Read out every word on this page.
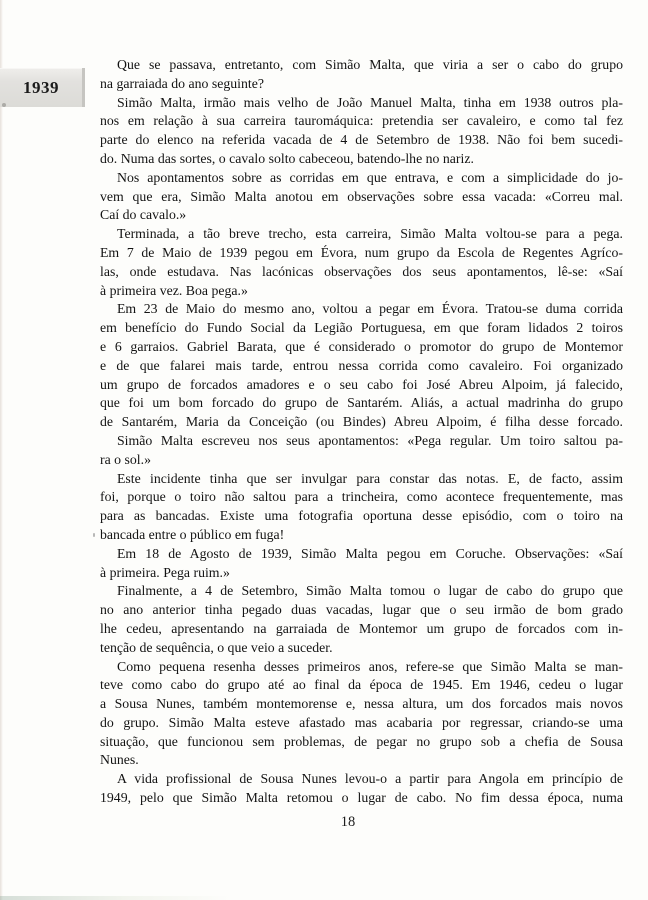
1939
Que se passava, entretanto, com Simão Malta, que viria a ser o cabo do grupo
na garraiada do ano seguinte?
Simão Malta, irmão mais velho de João Manuel Malta, tinha em 1938 outros pla-
nos em relação à sua carreira tauromáquica: pretendia ser cavaleiro, e como tal fez
parte do elenco na referida vacada de 4 de Setembro de 1938. Não foi bem sucedi-
do. Numa das sortes, o cavalo solto cabeceou, batendo-lhe no nariz.
Nos apontamentos sobre as corridas em que entrava, e com a simplicidade do jo-
vem que era, Simão Malta anotou em observações sobre essa vacada: «Correu mal.
Caí do cavalo.»
Terminada, a tão breve trecho, esta carreira, Simão Malta voltou-se para a pega.
Em 7 de Maio de 1939 pegou em Évora, num grupo da Escola de Regentes Agríco-
las, onde estudava. Nas lacónicas observações dos seus apontamentos, lê-se: «Saí
à primeira vez. Boa pega.»
Em 23 de Maio do mesmo ano, voltou a pegar em Évora. Tratou-se duma corrida
em benefício do Fundo Social da Legião Portuguesa, em que foram lidados 2 toiros
e 6 garraios. Gabriel Barata, que é considerado o promotor do grupo de Montemor
e de que falarei mais tarde, entrou nessa corrida como cavaleiro. Foi organizado
um grupo de forcados amadores e o seu cabo foi José Abreu Alpoim, já falecido,
que foi um bom forcado do grupo de Santarém. Aliás, a actual madrinha do grupo
de Santarém, Maria da Conceição (ou Bindes) Abreu Alpoim, é filha desse forcado.
Simão Malta escreveu nos seus apontamentos: «Pega regular. Um toiro saltou pa-
ra o sol.»
Este incidente tinha que ser invulgar para constar das notas. E, de facto, assim
foi, porque o toiro não saltou para a trincheira, como acontece frequentemente, mas
para as bancadas. Existe uma fotografia oportuna desse episódio, com o toiro na
bancada entre o público em fuga!
Em 18 de Agosto de 1939, Simão Malta pegou em Coruche. Observações: «Saí
à primeira. Pega ruim.»
Finalmente, a 4 de Setembro, Simão Malta tomou o lugar de cabo do grupo que
no ano anterior tinha pegado duas vacadas, lugar que o seu irmão de bom grado
lhe cedeu, apresentando na garraiada de Montemor um grupo de forcados com in-
tenção de sequência, o que veio a suceder.
Como pequena resenha desses primeiros anos, refere-se que Simão Malta se man-
teve como cabo do grupo até ao final da época de 1945. Em 1946, cedeu o lugar
a Sousa Nunes, também montemorense e, nessa altura, um dos forcados mais novos
do grupo. Simão Malta esteve afastado mas acabaria por regressar, criando-se uma
situação, que funcionou sem problemas, de pegar no grupo sob a chefia de Sousa
Nunes.
A vida profissional de Sousa Nunes levou-o a partir para Angola em princípio de
1949, pelo que Simão Malta retomou o lugar de cabo. No fim dessa época, numa
18
